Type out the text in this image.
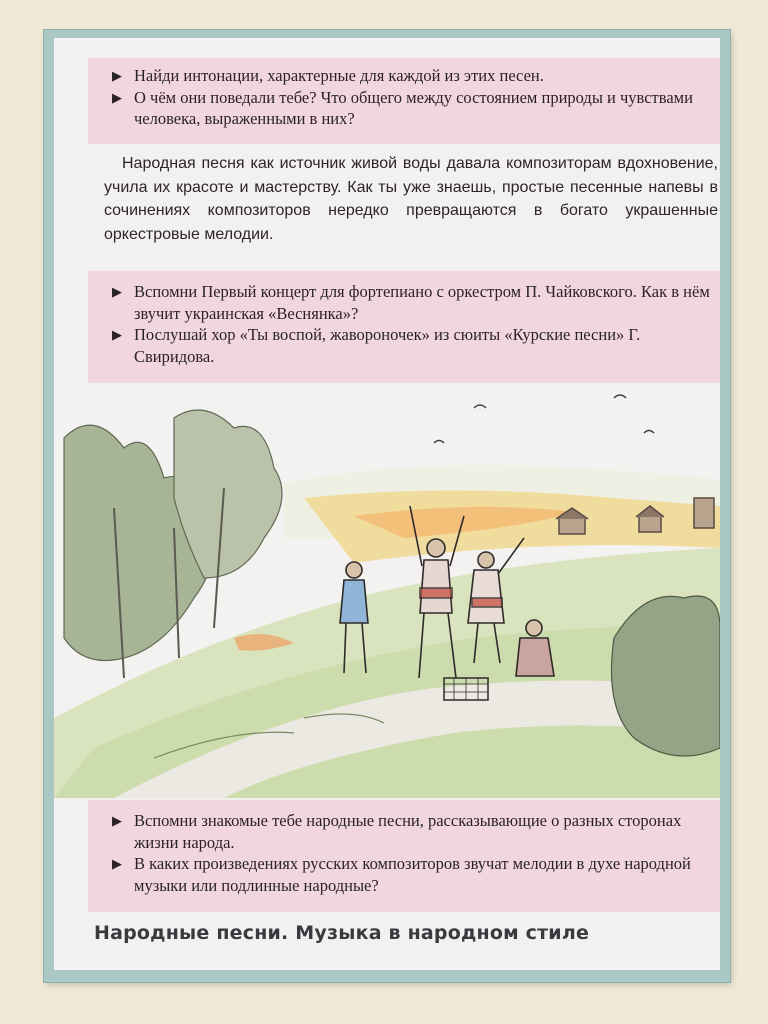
▶ Найди интонации, характерные для каждой из этих песен.
▶ О чём они поведали тебе? Что общего между состоянием природы и чувствами человека, выраженными в них?
Народная песня как источник живой воды давала композиторам вдохновение, учила их красоте и мастерству. Как ты уже знаешь, простые песенные напевы в сочинениях композиторов нередко превращаются в богато украшенные оркестровые мелодии.
▶ Вспомни Первый концерт для фортепиано с оркестром П. Чайковского. Как в нём звучит украинская «Веснянка»?
▶ Послушай хор «Ты воспой, жавороночек» из сюиты «Курские песни» Г. Свиридова.
▶ Вспомни знакомые тебе народные песни, рассказывающие о разных сторонах жизни народа.
▶ В каких произведениях русских композиторов звучат мелодии в духе народной музыки или подлинные народные?
Народные песни. Музыка в народном стиле
